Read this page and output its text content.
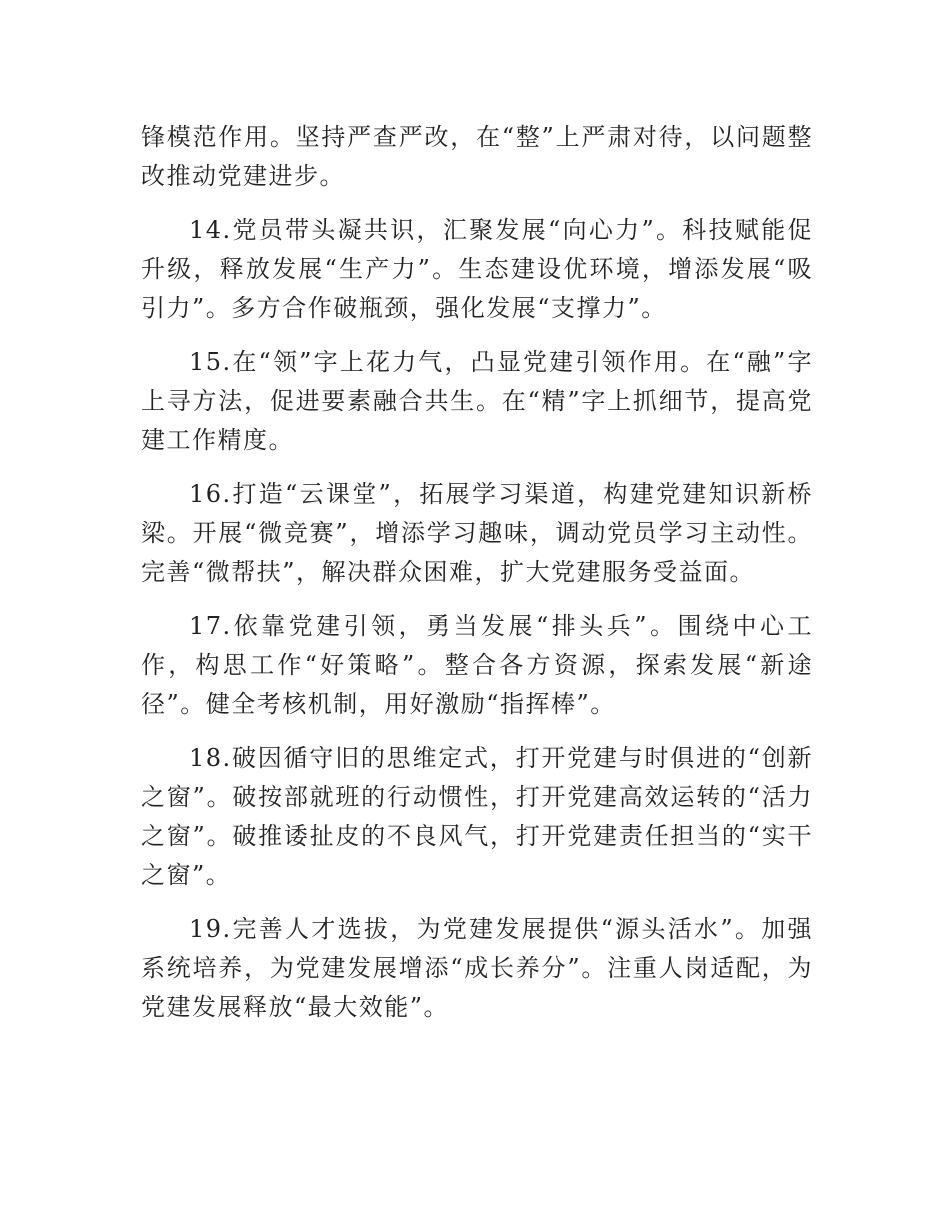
锋模范作用。坚持严查严改，在“整”上严肃对待，以问题整改推动党建进步。

14.党员带头凝共识，汇聚发展“向心力”。科技赋能促升级，释放发展“生产力”。生态建设优环境，增添发展“吸引力”。多方合作破瓶颈，强化发展“支撑力”。

15.在“领”字上花力气，凸显党建引领作用。在“融”字上寻方法，促进要素融合共生。在“精”字上抓细节，提高党建工作精度。

16.打造“云课堂”，拓展学习渠道，构建党建知识新桥梁。开展“微竞赛”，增添学习趣味，调动党员学习主动性。完善“微帮扶”，解决群众困难，扩大党建服务受益面。

17.依靠党建引领，勇当发展“排头兵”。围绕中心工作，构思工作“好策略”。整合各方资源，探索发展“新途径”。健全考核机制，用好激励“指挥棒”。

18.破因循守旧的思维定式，打开党建与时俱进的“创新之窗”。破按部就班的行动惯性，打开党建高效运转的“活力之窗”。破推诿扯皮的不良风气，打开党建责任担当的“实干之窗”。

19.完善人才选拔，为党建发展提供“源头活水”。加强系统培养，为党建发展增添“成长养分”。注重人岗适配，为党建发展释放“最大效能”。
